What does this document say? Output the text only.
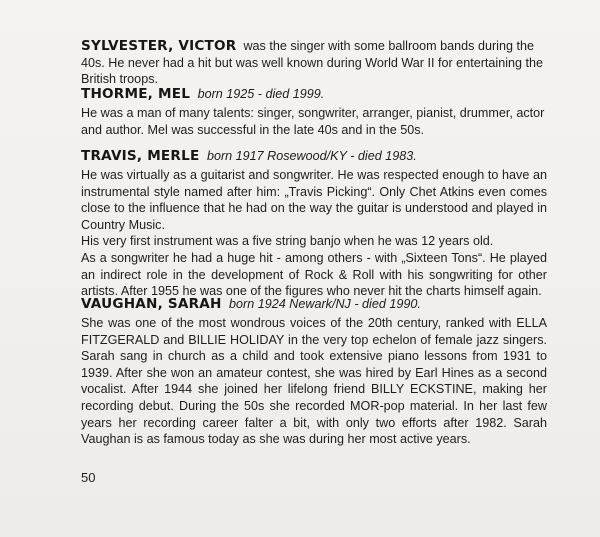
SYLVESTER, VICTOR was the singer with some ballroom bands during the 40s. He never had a hit but was well known during World War II for entertaining the British troops.

THORME, MEL born 1925 - died 1999.

He was a man of many talents: singer, songwriter, arranger, pianist, drummer, actor and author. Mel was successful in the late 40s and in the 50s.

TRAVIS, MERLE born 1917 Rosewood/KY - died 1983.

He was virtually as a guitarist and songwriter. He was respected enough to have an instrumental style named after him: „Travis Picking“. Only Chet Atkins even comes close to the influence that he had on the way the guitar is understood and played in Country Music.

His very first instrument was a five string banjo when he was 12 years old.

As a songwriter he had a huge hit - among others - with „Sixteen Tons“. He played an indirect role in the development of Rock & Roll with his songwriting for other artists. After 1955 he was one of the figures who never hit the charts himself again.

VAUGHAN, SARAH born 1924 Newark/NJ - died 1990.

She was one of the most wondrous voices of the 20th century, ranked with ELLA FITZGERALD and BILLIE HOLIDAY in the very top echelon of female jazz singers. Sarah sang in church as a child and took extensive piano lessons from 1931 to 1939. After she won an amateur contest, she was hired by Earl Hines as a second vocalist. After 1944 she joined her lifelong friend BILLY ECKSTINE, making her recording debut. During the 50s she recorded MOR-pop material. In her last few years her recording career falter a bit, with only two efforts after 1982. Sarah Vaughan is as famous today as she was during her most active years.

50
